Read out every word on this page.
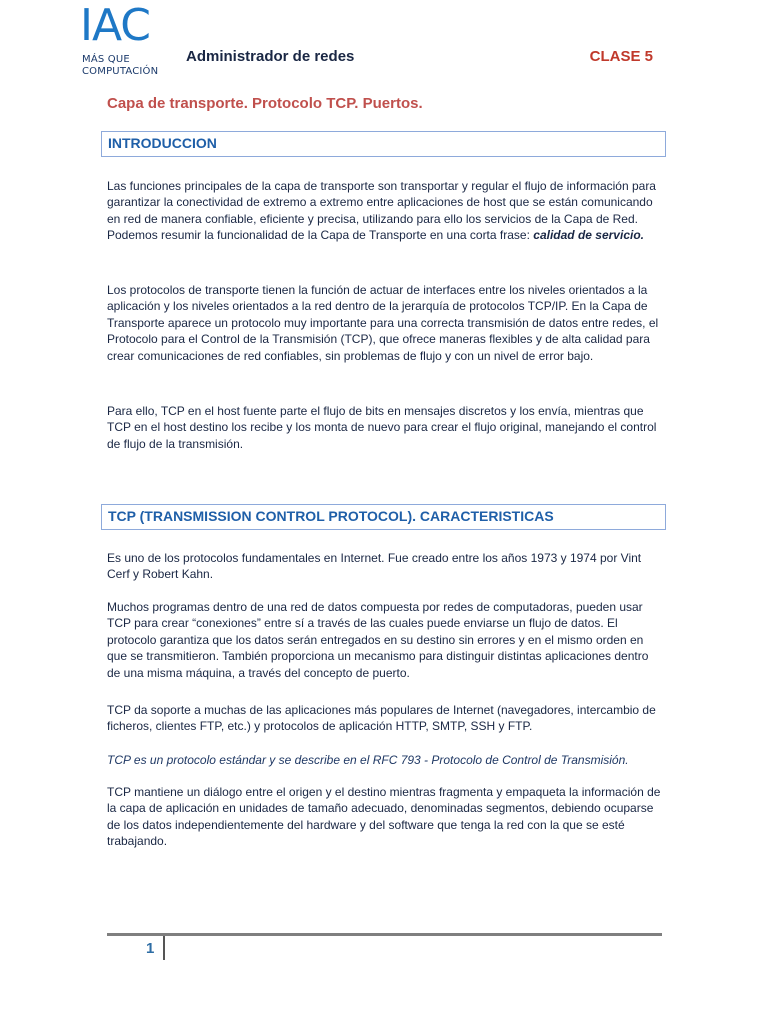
IAC
MÁS QUE
COMPUTACIÓN
Administrador de redes	CLASE 5
Capa de transporte. Protocolo TCP. Puertos.
INTRODUCCION
Las funciones principales de la capa de transporte son transportar y regular el flujo de información para garantizar la conectividad de extremo a extremo entre aplicaciones de host que se están comunicando en red de manera confiable, eficiente y precisa, utilizando para ello los servicios de la Capa de Red. Podemos resumir la funcionalidad de la Capa de Transporte en una corta frase: calidad de servicio.
Los protocolos de transporte tienen la función de actuar de interfaces entre los niveles orientados a la aplicación y los niveles orientados a la red dentro de la jerarquía de protocolos TCP/IP. En la Capa de Transporte aparece un protocolo muy importante para una correcta transmisión de datos entre redes, el Protocolo para el Control de la Transmisión (TCP), que ofrece maneras flexibles y de alta calidad para crear comunicaciones de red confiables, sin problemas de flujo y con un nivel de error bajo.
Para ello, TCP en el host fuente parte el flujo de bits en mensajes discretos y los envía, mientras que TCP en el host destino los recibe y los monta de nuevo para crear el flujo original, manejando el control de flujo de la transmisión.
TCP (TRANSMISSION CONTROL PROTOCOL). CARACTERISTICAS
Es uno de los protocolos fundamentales en Internet. Fue creado entre los años 1973 y 1974 por Vint Cerf y Robert Kahn.
Muchos programas dentro de una red de datos compuesta por redes de computadoras, pueden usar TCP para crear “conexiones” entre sí a través de las cuales puede enviarse un flujo de datos. El protocolo garantiza que los datos serán entregados en su destino sin errores y en el mismo orden en que se transmitieron. También proporciona un mecanismo para distinguir distintas aplicaciones dentro de una misma máquina, a través del concepto de puerto.
TCP da soporte a muchas de las aplicaciones más populares de Internet (navegadores, intercambio de ficheros, clientes FTP, etc.) y protocolos de aplicación HTTP, SMTP, SSH y FTP.
TCP es un protocolo estándar y se describe en el RFC 793 - Protocolo de Control de Transmisión.
TCP mantiene un diálogo entre el origen y el destino mientras fragmenta y empaqueta la información de la capa de aplicación en unidades de tamaño adecuado, denominadas segmentos, debiendo ocuparse de los datos independientemente del hardware y del software que tenga la red con la que se esté trabajando.
1
